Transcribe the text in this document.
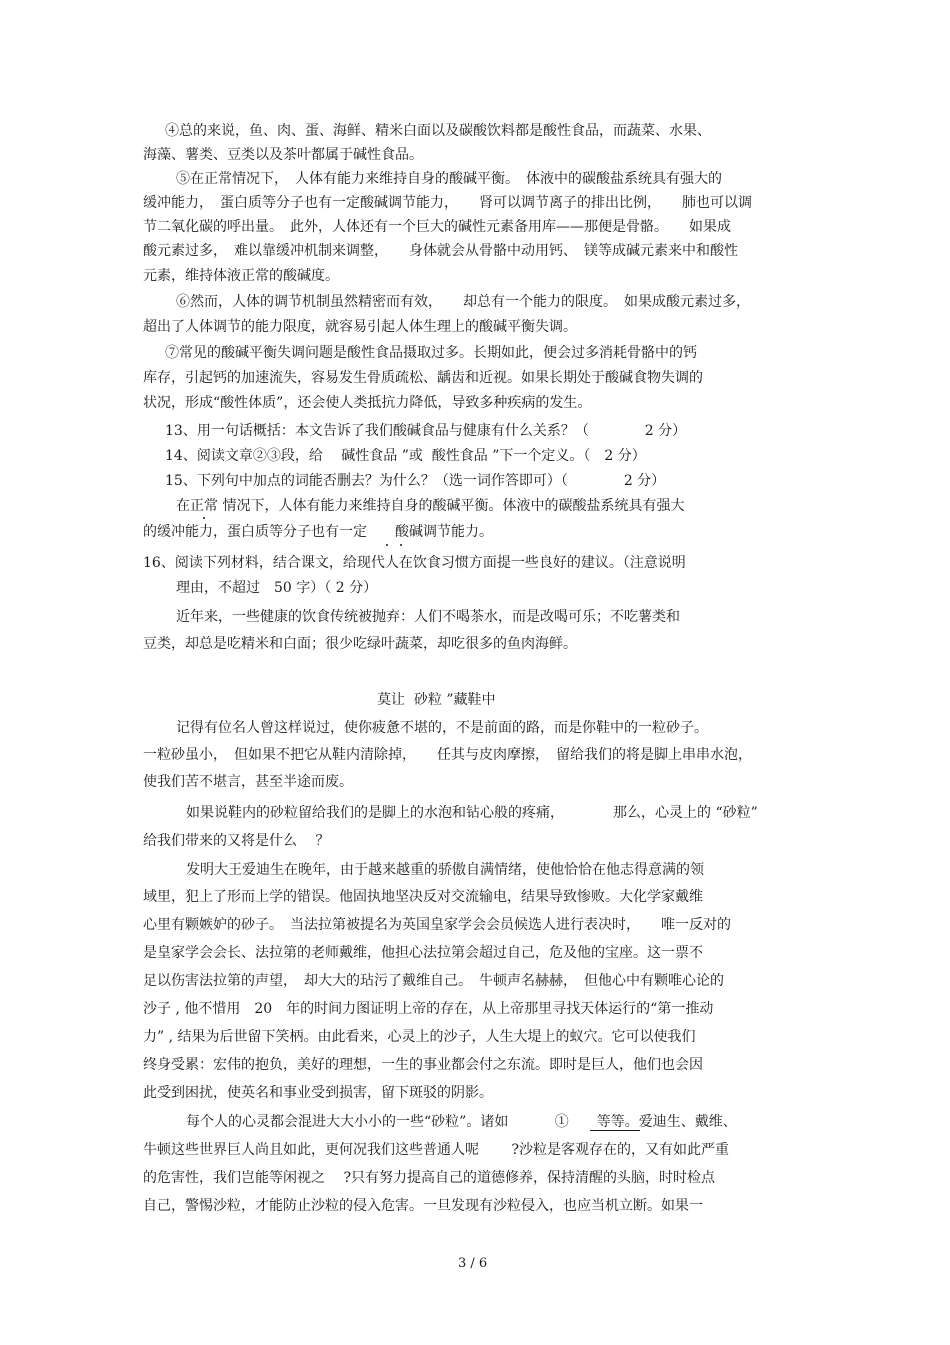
④总的来说，鱼、肉、蛋、海鲜、精米白面以及碳酸饮料都是酸性食品，而蔬菜、水果、
海藻、薯类、豆类以及茶叶都属于碱性食品。
⑤在正常情况下，　人体有能力来维持自身的酸碱平衡。　体液中的碳酸盐系统具有强大的
缓冲能力，　蛋白质等分子也有一定酸碱调节能力，　　肾可以调节离子的排出比例，　　肺也可以调
节二氧化碳的呼出量。　此外，人体还有一个巨大的碱性元素备用库——那便是骨骼。　　如果成
酸元素过多，　难以靠缓冲机制来调整，　　身体就会从骨骼中动用钙、　镁等成碱元素来中和酸性
元素，维持体液正常的酸碱度。
⑥然而，人体的调节机制虽然精密而有效，　　却总有一个能力的限度。　如果成酸元素过多，
超出了人体调节的能力限度，就容易引起人体生理上的酸碱平衡失调。
⑦常见的酸碱平衡失调问题是酸性食品摄取过多。长期如此，便会过多消耗骨骼中的钙
库存，引起钙的加速流失，容易发生骨质疏松、龋齿和近视。如果长期处于酸碱食物失调的
状况，形成“酸性体质”，还会使人类抵抗力降低，导致多种疾病的发生。
13、用一句话概括：本文告诉了我们酸碱食品与健康有什么关系？（　　　　2 分）
14、阅读文章②③段，给　 碱性食品 ”或  酸性食品 ”下一个定义。（　2 分）
15、下列句中加点的词能否删去？为什么？（选一词作答即可）（　　　　2 分）
在正常 情况下，人体有能力来维持自身的酸碱平衡。体液中的碳酸盐系统具有强大
的缓冲能力，蛋白质等分子也有一定　　酸碱调节能力。
16、阅读下列材料，结合课文，给现代人在饮食习惯方面提一些良好的建议。（注意说明
理由，不超过　50 字）（ 2 分）
近年来，一些健康的饮食传统被抛弃：人们不喝茶水，而是改喝可乐；不吃薯类和
豆类，却总是吃精米和白面；很少吃绿叶蔬菜，却吃很多的鱼肉海鲜。
莫让  砂粒 ”藏鞋中
记得有位名人曾这样说过，使你疲惫不堪的，不是前面的路，而是你鞋中的一粒砂子。
一粒砂虽小，　但如果不把它从鞋内清除掉，　　任其与皮肉摩擦，　留给我们的将是脚上串串水泡，
使我们苦不堪言，甚至半途而废。
如果说鞋内的砂粒留给我们的是脚上的水泡和钻心般的疼痛，　　　　那么，心灵上的 “砂粒”
给我们带来的又将是什么　 ？
发明大王爱迪生在晚年，由于越来越重的骄傲自满情绪，使他恰恰在他志得意满的领
域里，犯上了形而上学的错误。他固执地坚决反对交流输电，结果导致惨败。大化学家戴维
心里有颗嫉妒的砂子。　当法拉第被提名为英国皇家学会会员候选人进行表决时，　　唯一反对的
是皇家学会会长、法拉第的老师戴维，他担心法拉第会超过自己，危及他的宝座。这一票不
足以伤害法拉第的声望，　却大大的玷污了戴维自己。　牛顿声名赫赫，　但他心中有颗唯心论的
沙子 , 他不惜用　20　年的时间力图证明上帝的存在，从上帝那里寻找天体运行的“第一推动
力” , 结果为后世留下笑柄。由此看来，心灵上的沙子，人生大堤上的蚁穴。它可以使我们
终身受累：宏伟的抱负，美好的理想，一生的事业都会付之东流。即时是巨人，他们也会因
此受到困扰，使英名和事业受到损害，留下斑驳的阴影。
每个人的心灵都会混进大大小小的一些“砂粒”。诸如　　　 ①　　等等。爱迪生、戴维、
牛顿这些世界巨人尚且如此，更何况我们这些普通人呢　　 ?沙粒是客观存在的，又有如此严重
的危害性，我们岂能等闲视之　 ?只有努力提高自己的道德修养，保持清醒的头脑，时时检点
自己，警惕沙粒，才能防止沙粒的侵入危害。一旦发现有沙粒侵入，也应当机立断。如果一
3 / 6
